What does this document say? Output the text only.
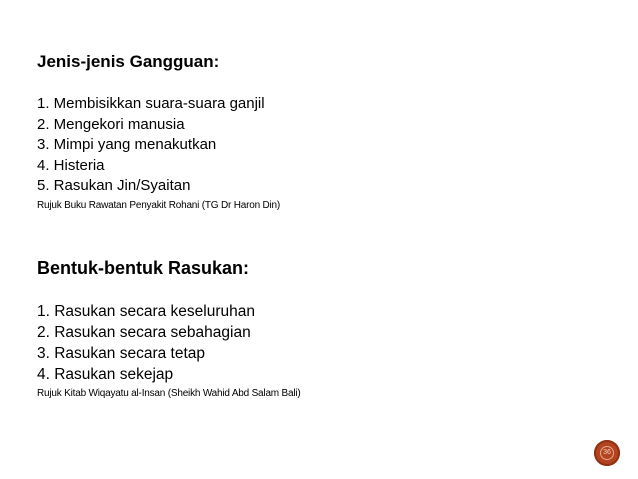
Jenis-jenis Gangguan:

1. Membisikkan suara-suara ganjil
2. Mengekori manusia
3. Mimpi yang menakutkan
4. Histeria
5. Rasukan Jin/Syaitan
Rujuk Buku Rawatan Penyakit Rohani (TG Dr Haron Din)

Bentuk-bentuk Rasukan:

1. Rasukan secara keseluruhan
2. Rasukan secara sebahagian
3. Rasukan secara tetap
4. Rasukan sekejap
Rujuk Kitab Wiqayatu al-Insan (Sheikh Wahid Abd Salam Bali)
36
